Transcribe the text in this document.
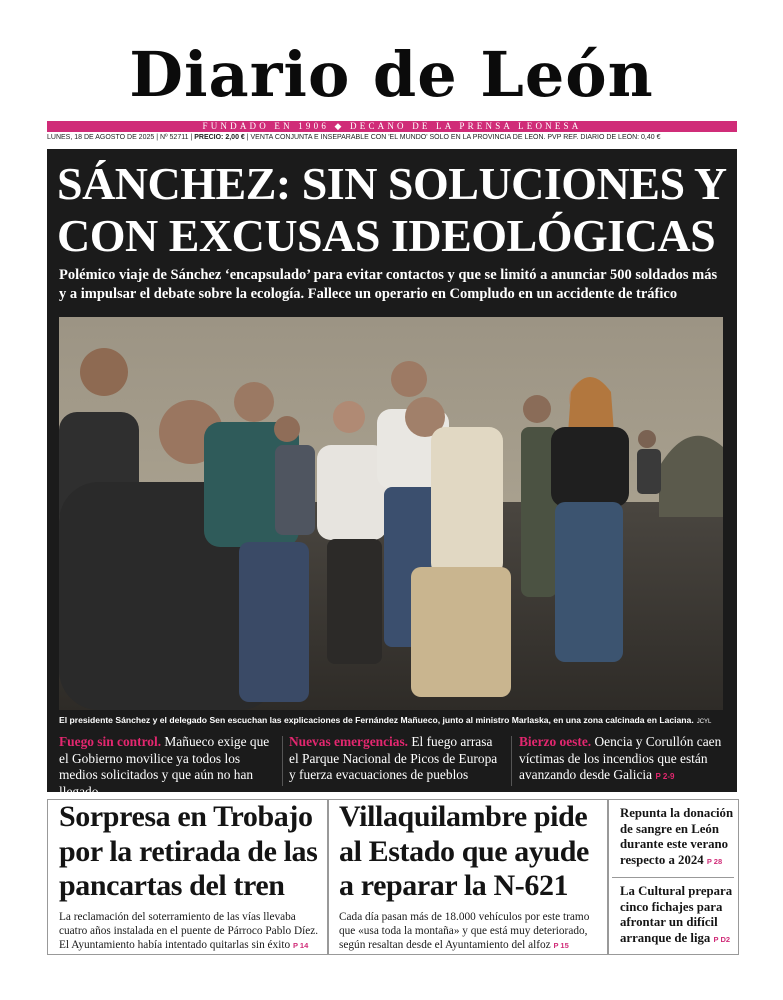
Diario de León
FUNDADO EN 1906 ◆ DECANO DE LA PRENSA LEONESA
LUNES, 18 DE AGOSTO DE 2025 | Nº 52711 | PRECIO: 2,00 € | VENTA CONJUNTA E INSEPARABLE CON 'EL MUNDO' SÓLO EN LA PROVINCIA DE LEÓN. PVP REF. DIARIO DE LEÓN: 0,40 €
SÁNCHEZ: SIN SOLUCIONES Y
CON EXCUSAS IDEOLÓGICAS
Polémico viaje de Sánchez ‘encapsulado’ para evitar contactos y que se limitó a anunciar 500 soldados más y a impulsar el debate sobre la ecología. Fallece un operario en Compludo en un accidente de tráfico
El presidente Sánchez y el delegado Sen escuchan las explicaciones de Fernández Mañueco, junto al ministro Marlaska, en una zona calcinada en Laciana. JCYL
Fuego sin control. Mañueco exige que el Gobierno movilice ya todos los medios solicitados y que aún no han llegado
Nuevas emergencias. El fuego arrasa el Parque Nacional de Picos de Europa y fuerza evacuaciones de pueblos
Bierzo oeste. Oencia y Corullón caen víctimas de los incendios que están avanzando desde Galicia P 2-9
Sorpresa en Trobajo por la retirada de las pancartas del tren

La reclamación del soterramiento de las vías llevaba cuatro años instalada en el puente de Párroco Pablo Díez. El Ayuntamiento había intentado quitarlas sin éxito P 14

Villaquilambre pide al Estado que ayude a reparar la N-621

Cada día pasan más de 18.000 vehículos por este tramo que «usa toda la montaña» y que está muy deteriorado, según resaltan desde el Ayuntamiento del alfoz P 15

Repunta la donación de sangre en León durante este verano respecto a 2024 P 28
La Cultural prepara cinco fichajes para afrontar un difícil arranque de liga P D2
